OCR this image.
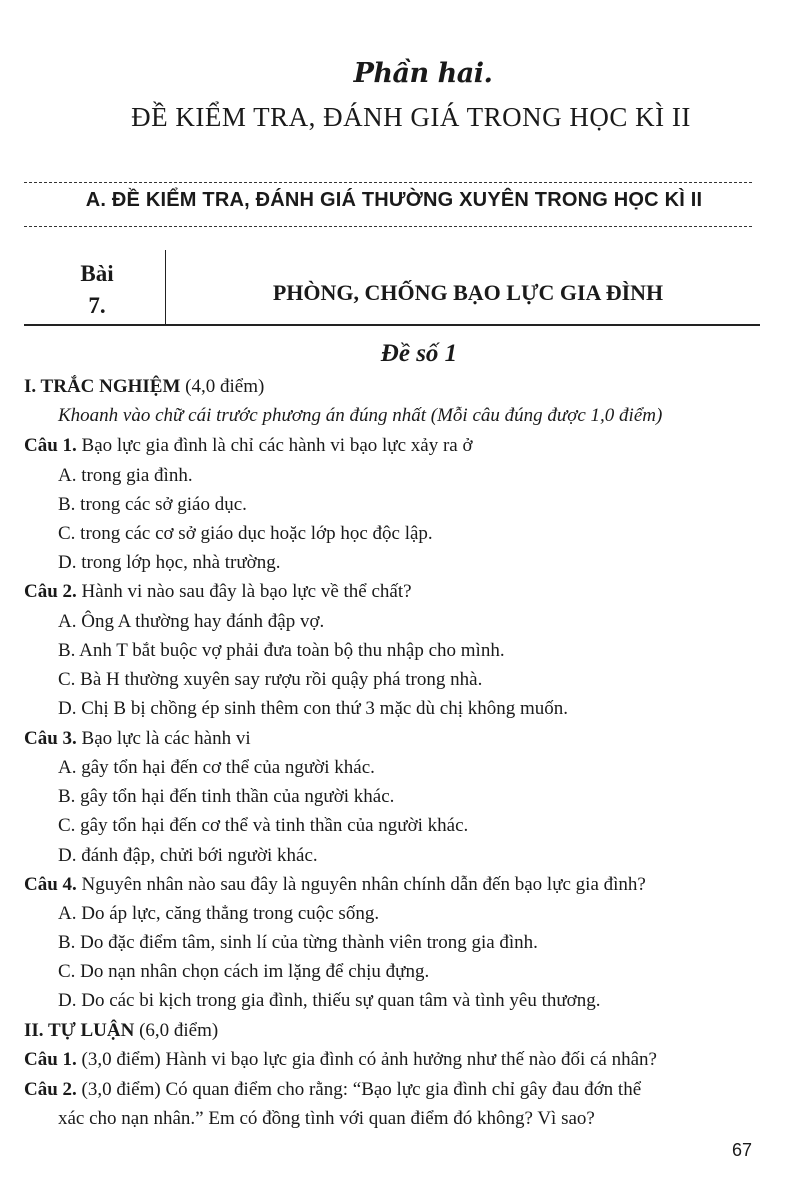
Phần hai.
ĐỀ KIỂM TRA, ĐÁNH GIÁ TRONG HỌC KÌ II
A. ĐỀ KIỂM TRA, ĐÁNH GIÁ THƯỜNG XUYÊN TRONG HỌC KÌ II
Bài
7.
PHÒNG, CHỐNG BẠO LỰC GIA ĐÌNH
Đề số 1
I. TRẮC NGHIỆM (4,0 điểm)
Khoanh vào chữ cái trước phương án đúng nhất (Mỗi câu đúng được 1,0 điểm)
Câu 1. Bạo lực gia đình là chỉ các hành vi bạo lực xảy ra ở
A. trong gia đình.
B. trong các sở giáo dục.
C. trong các cơ sở giáo dục hoặc lớp học độc lập.
D. trong lớp học, nhà trường.
Câu 2. Hành vi nào sau đây là bạo lực về thể chất?
A. Ông A thường hay đánh đập vợ.
B. Anh T bắt buộc vợ phải đưa toàn bộ thu nhập cho mình.
C. Bà H thường xuyên say rượu rồi quậy phá trong nhà.
D. Chị B bị chồng ép sinh thêm con thứ 3 mặc dù chị không muốn.
Câu 3. Bạo lực là các hành vi
A. gây tổn hại đến cơ thể của người khác.
B. gây tổn hại đến tinh thần của người khác.
C. gây tổn hại đến cơ thể và tinh thần của người khác.
D. đánh đập, chửi bới người khác.
Câu 4. Nguyên nhân nào sau đây là nguyên nhân chính dẫn đến bạo lực gia đình?
A. Do áp lực, căng thẳng trong cuộc sống.
B. Do đặc điểm tâm, sinh lí của từng thành viên trong gia đình.
C. Do nạn nhân chọn cách im lặng để chịu đựng.
D. Do các bi kịch trong gia đình, thiếu sự quan tâm và tình yêu thương.
II. TỰ LUẬN (6,0 điểm)
Câu 1. (3,0 điểm) Hành vi bạo lực gia đình có ảnh hưởng như thế nào đối cá nhân?
Câu 2. (3,0 điểm) Có quan điểm cho rằng: “Bạo lực gia đình chỉ gây đau đớn thể
xác cho nạn nhân.” Em có đồng tình với quan điểm đó không? Vì sao?
67
